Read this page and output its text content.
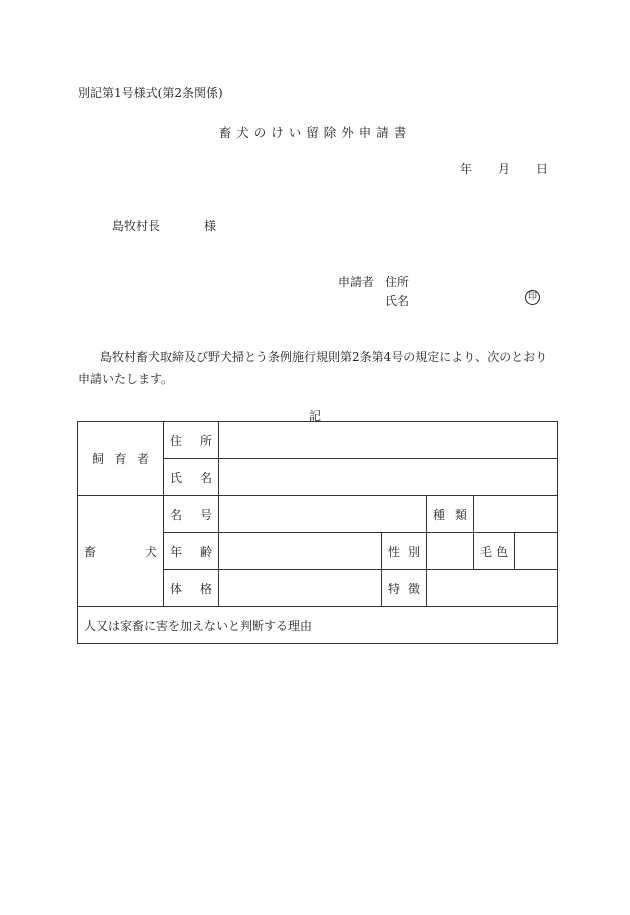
別記第1号様式(第2条関係)
畜犬のけい留除外申請書
年 月 日
島牧村長	様
申請者 住所
氏名	印
島牧村畜犬取締及び野犬掃とう条例施行規則第2条第4号の規定により、次のとおり申請いたします。
記
飼 育 者	住 所					

	氏 名					

畜 犬	名 号			種 類		

	年 齢		性 別		毛 色	

	体 格		特 徴			

人又は家畜に害を加えないと判断する理由						
